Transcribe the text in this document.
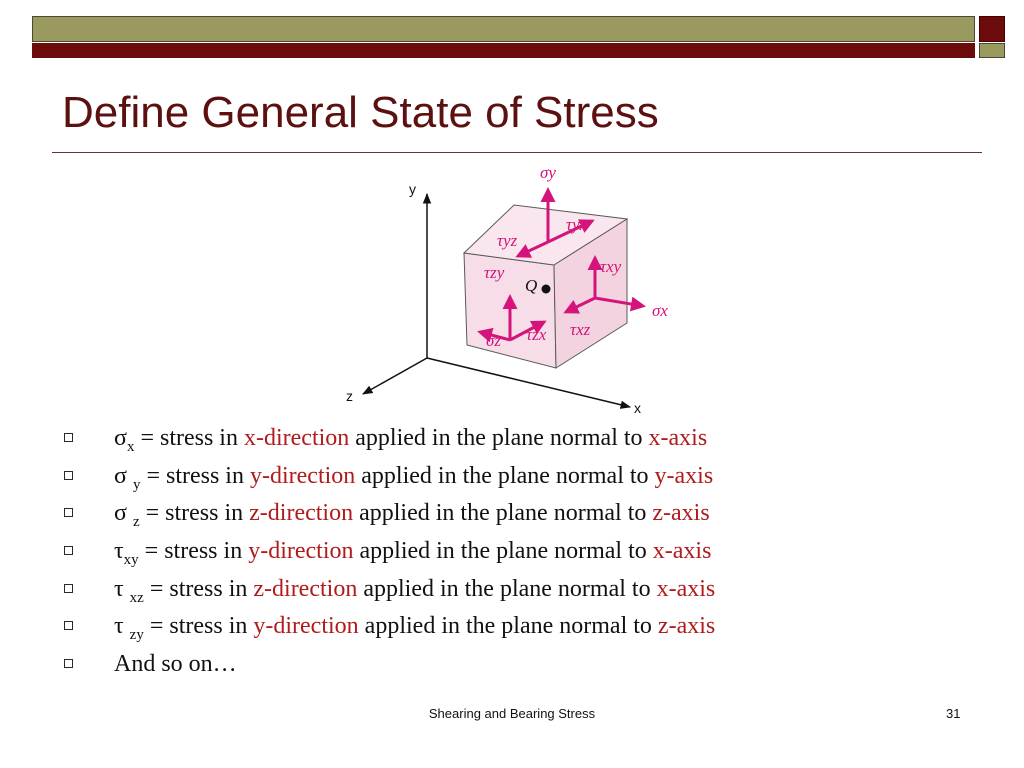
Define General State of Stress
y
x
z
Q
σy
τyx
τyz
τxy
τzy
σx
τxz
τzx
σz
$\sigma_x$ = stress in x-direction applied in the plane normal to x-axis
σ $_y$ = stress in y-direction applied in the plane normal to y-axis
σ $_z$ = stress in z-direction applied in the plane normal to z-axis
$\tau_{xy}$ = stress in y-direction applied in the plane normal to x-axis
τ $_{xz}$ = stress in z-direction applied in the plane normal to x-axis
τ $_{zy}$ = stress in y-direction applied in the plane normal to z-axis
And so on…
Shearing and Bearing Stress	31
